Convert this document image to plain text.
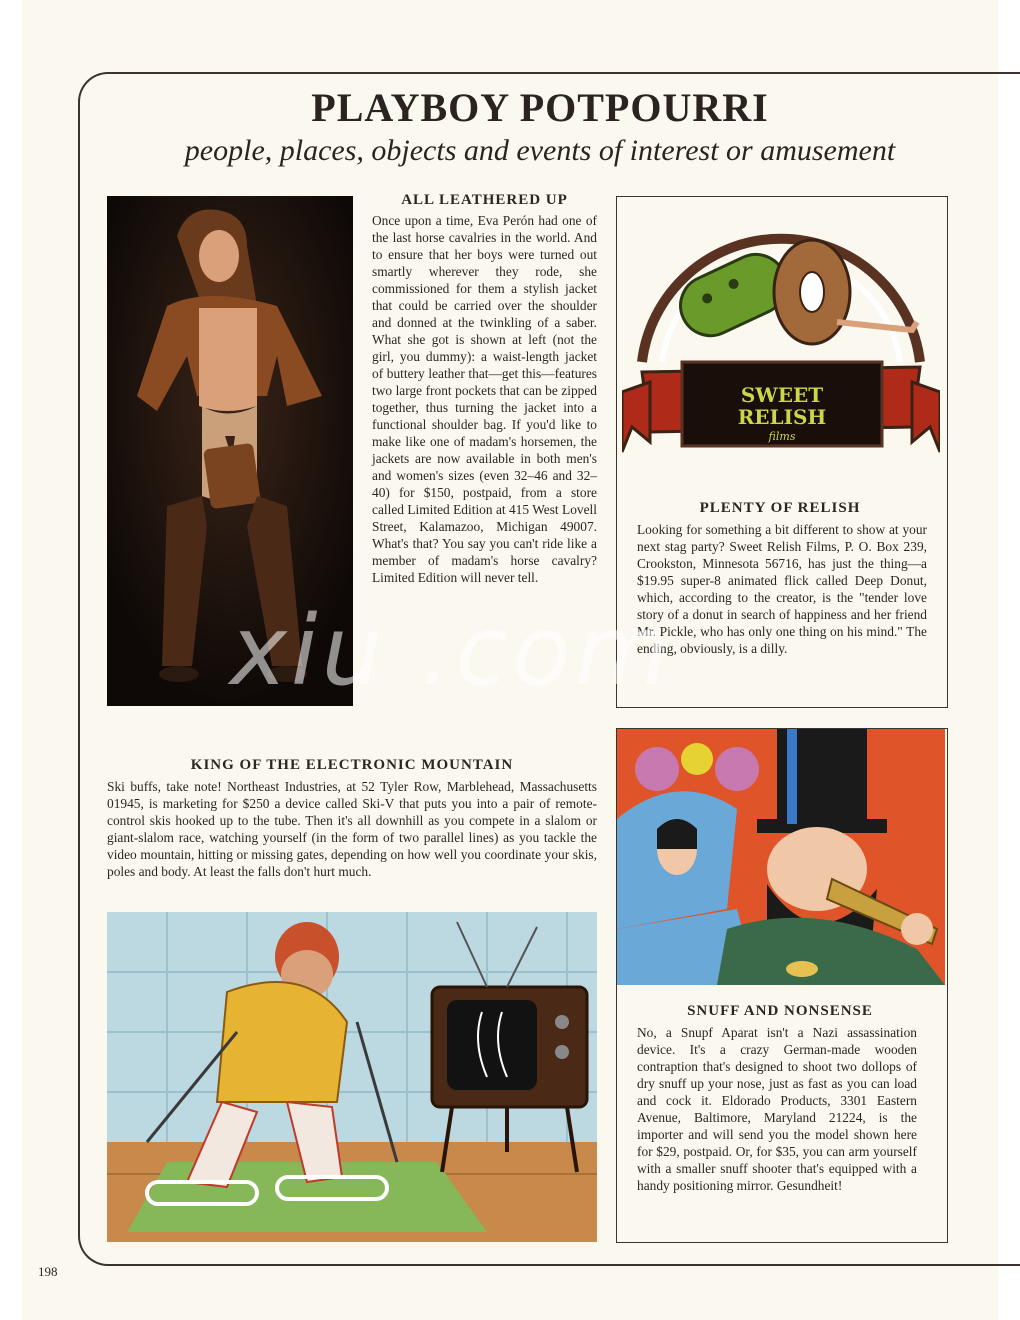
PLAYBOY POTPOURRI

people, places, objects and events of interest or amusement

ALL LEATHERED UP

Once upon a time, Eva Perón had one of the last horse cavalries in the world. And to ensure that her boys were turned out smartly wherever they rode, she commissioned for them a stylish jacket that could be carried over the shoulder and donned at the twinkling of a saber. What she got is shown at left (not the girl, you dummy): a waist-length jacket of buttery leather that—get this—features two large front pockets that can be zipped together, thus turning the jacket into a functional shoulder bag. If you'd like to make like one of madam's horsemen, the jackets are now available in both men's and women's sizes (even 32–46 and 32–40) for $150, postpaid, from a store called Limited Edition at 415 West Lovell Street, Kalamazoo, Michigan 49007. What's that? You say you can't ride like a member of madam's horse cavalry? Limited Edition will never tell.

SWEET
RELISH
films
PLENTY OF RELISH

Looking for something a bit different to show at your next stag party? Sweet Relish Films, P. O. Box 239, Crookston, Minnesota 56716, has just the thing—a $19.95 super-8 animated flick called Deep Donut, which, according to the creator, is the "tender love story of a donut in search of happiness and her friend Mr. Pickle, who has only one thing on his mind." The ending, obviously, is a dilly.

KING OF THE ELECTRONIC MOUNTAIN

Ski buffs, take note! Northeast Industries, at 52 Tyler Row, Marblehead, Massachusetts 01945, is marketing for $250 a device called Ski-V that puts you into a pair of remote-control skis hooked up to the tube. Then it's all downhill as you compete in a slalom or giant-slalom race, watching yourself (in the form of two parallel lines) as you tackle the video mountain, hitting or missing gates, depending on how well you coordinate your skis, poles and body. At least the falls don't hurt much.

SNUFF AND NONSENSE

No, a Snupf Aparat isn't a Nazi assassination device. It's a crazy German-made wooden contraption that's designed to shoot two dollops of dry snuff up your nose, just as fast as you can load and cock it. Eldorado Products, 3301 Eastern Avenue, Baltimore, Maryland 21224, is the importer and will send you the model shown here for $29, postpaid. Or, for $35, you can arm yourself with a smaller snuff shooter that's equipped with a handy positioning mirror. Gesundheit!

xiu .com

198
